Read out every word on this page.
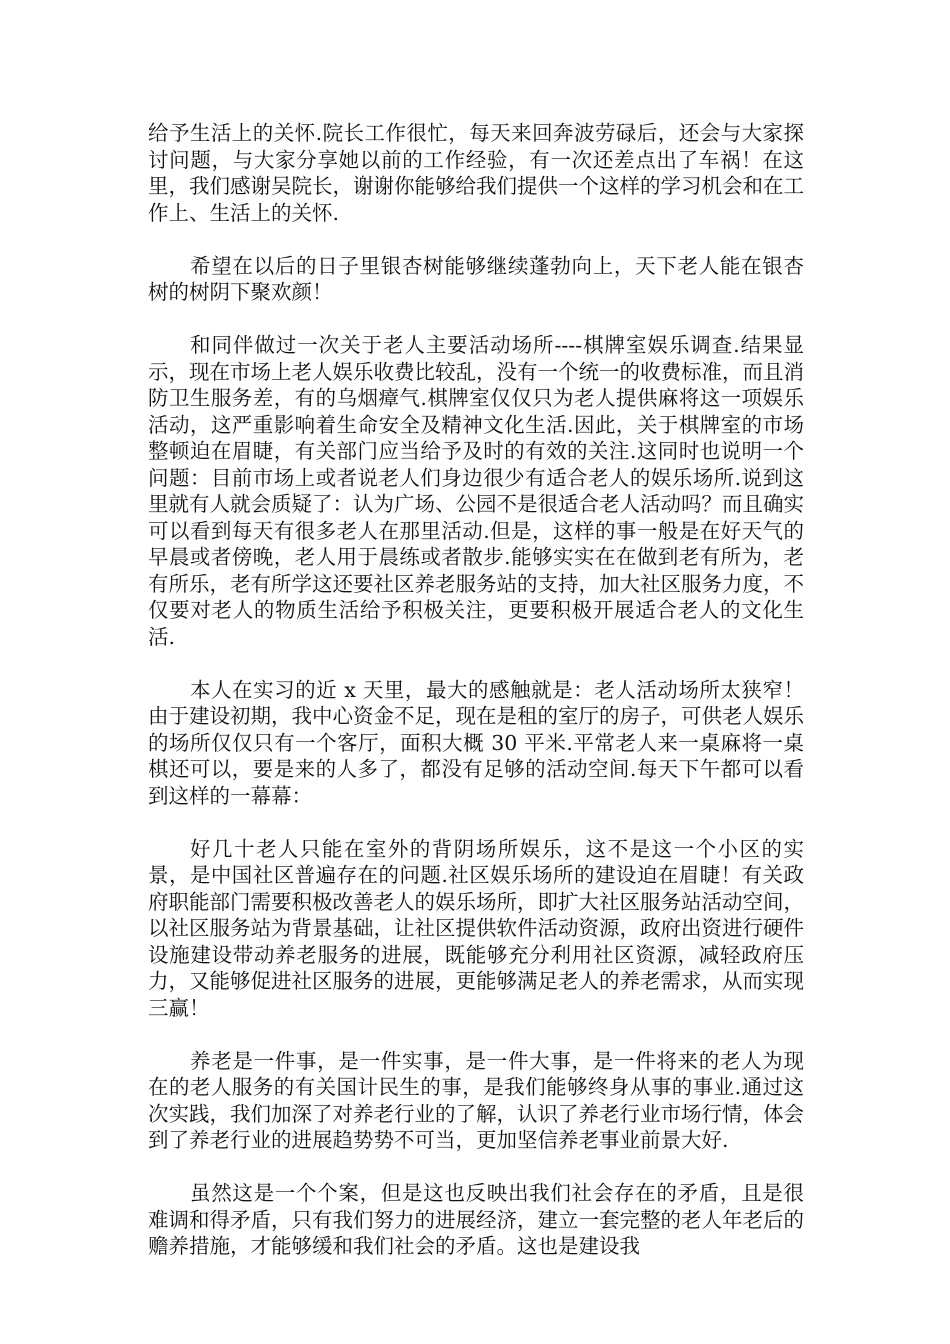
给予生活上的关怀.院长工作很忙，每天来回奔波劳碌后，还会与大家探讨问题，与大家分享她以前的工作经验，有一次还差点出了车祸！在这里，我们感谢吴院长，谢谢你能够给我们提供一个这样的学习机会和在工作上、生活上的关怀.

希望在以后的日子里银杏树能够继续蓬勃向上，天下老人能在银杏树的树阴下聚欢颜！

和同伴做过一次关于老人主要活动场所----棋牌室娱乐调查.结果显示，现在市场上老人娱乐收费比较乱，没有一个统一的收费标准，而且消防卫生服务差，有的乌烟瘴气.棋牌室仅仅只为老人提供麻将这一项娱乐活动，这严重影响着生命安全及精神文化生活.因此，关于棋牌室的市场整顿迫在眉睫，有关部门应当给予及时的有效的关注.这同时也说明一个问题：目前市场上或者说老人们身边很少有适合老人的娱乐场所.说到这里就有人就会质疑了：认为广场、公园不是很适合老人活动吗？而且确实可以看到每天有很多老人在那里活动.但是，这样的事一般是在好天气的早晨或者傍晚，老人用于晨练或者散步.能够实实在在做到老有所为，老有所乐，老有所学这还要社区养老服务站的支持，加大社区服务力度，不仅要对老人的物质生活给予积极关注，更要积极开展适合老人的文化生活.

本人在实习的近 x 天里，最大的感触就是：老人活动场所太狭窄！由于建设初期，我中心资金不足，现在是租的室厅的房子，可供老人娱乐的场所仅仅只有一个客厅，面积大概 30 平米.平常老人来一桌麻将一桌棋还可以，要是来的人多了，都没有足够的活动空间.每天下午都可以看到这样的一幕幕：

好几十老人只能在室外的背阴场所娱乐，这不是这一个小区的实景，是中国社区普遍存在的问题.社区娱乐场所的建设迫在眉睫！有关政府职能部门需要积极改善老人的娱乐场所，即扩大社区服务站活动空间，以社区服务站为背景基础，让社区提供软件活动资源，政府出资进行硬件设施建设带动养老服务的进展，既能够充分利用社区资源，减轻政府压力，又能够促进社区服务的进展，更能够满足老人的养老需求，从而实现三赢！

养老是一件事，是一件实事，是一件大事，是一件将来的老人为现在的老人服务的有关国计民生的事，是我们能够终身从事的事业.通过这次实践，我们加深了对养老行业的了解，认识了养老行业市场行情，体会到了养老行业的进展趋势势不可当，更加坚信养老事业前景大好.

虽然这是一个个案，但是这也反映出我们社会存在的矛盾，且是很难调和得矛盾，只有我们努力的进展经济，建立一套完整的老人年老后的赡养措施，才能够缓和我们社会的矛盾。这也是建设我
